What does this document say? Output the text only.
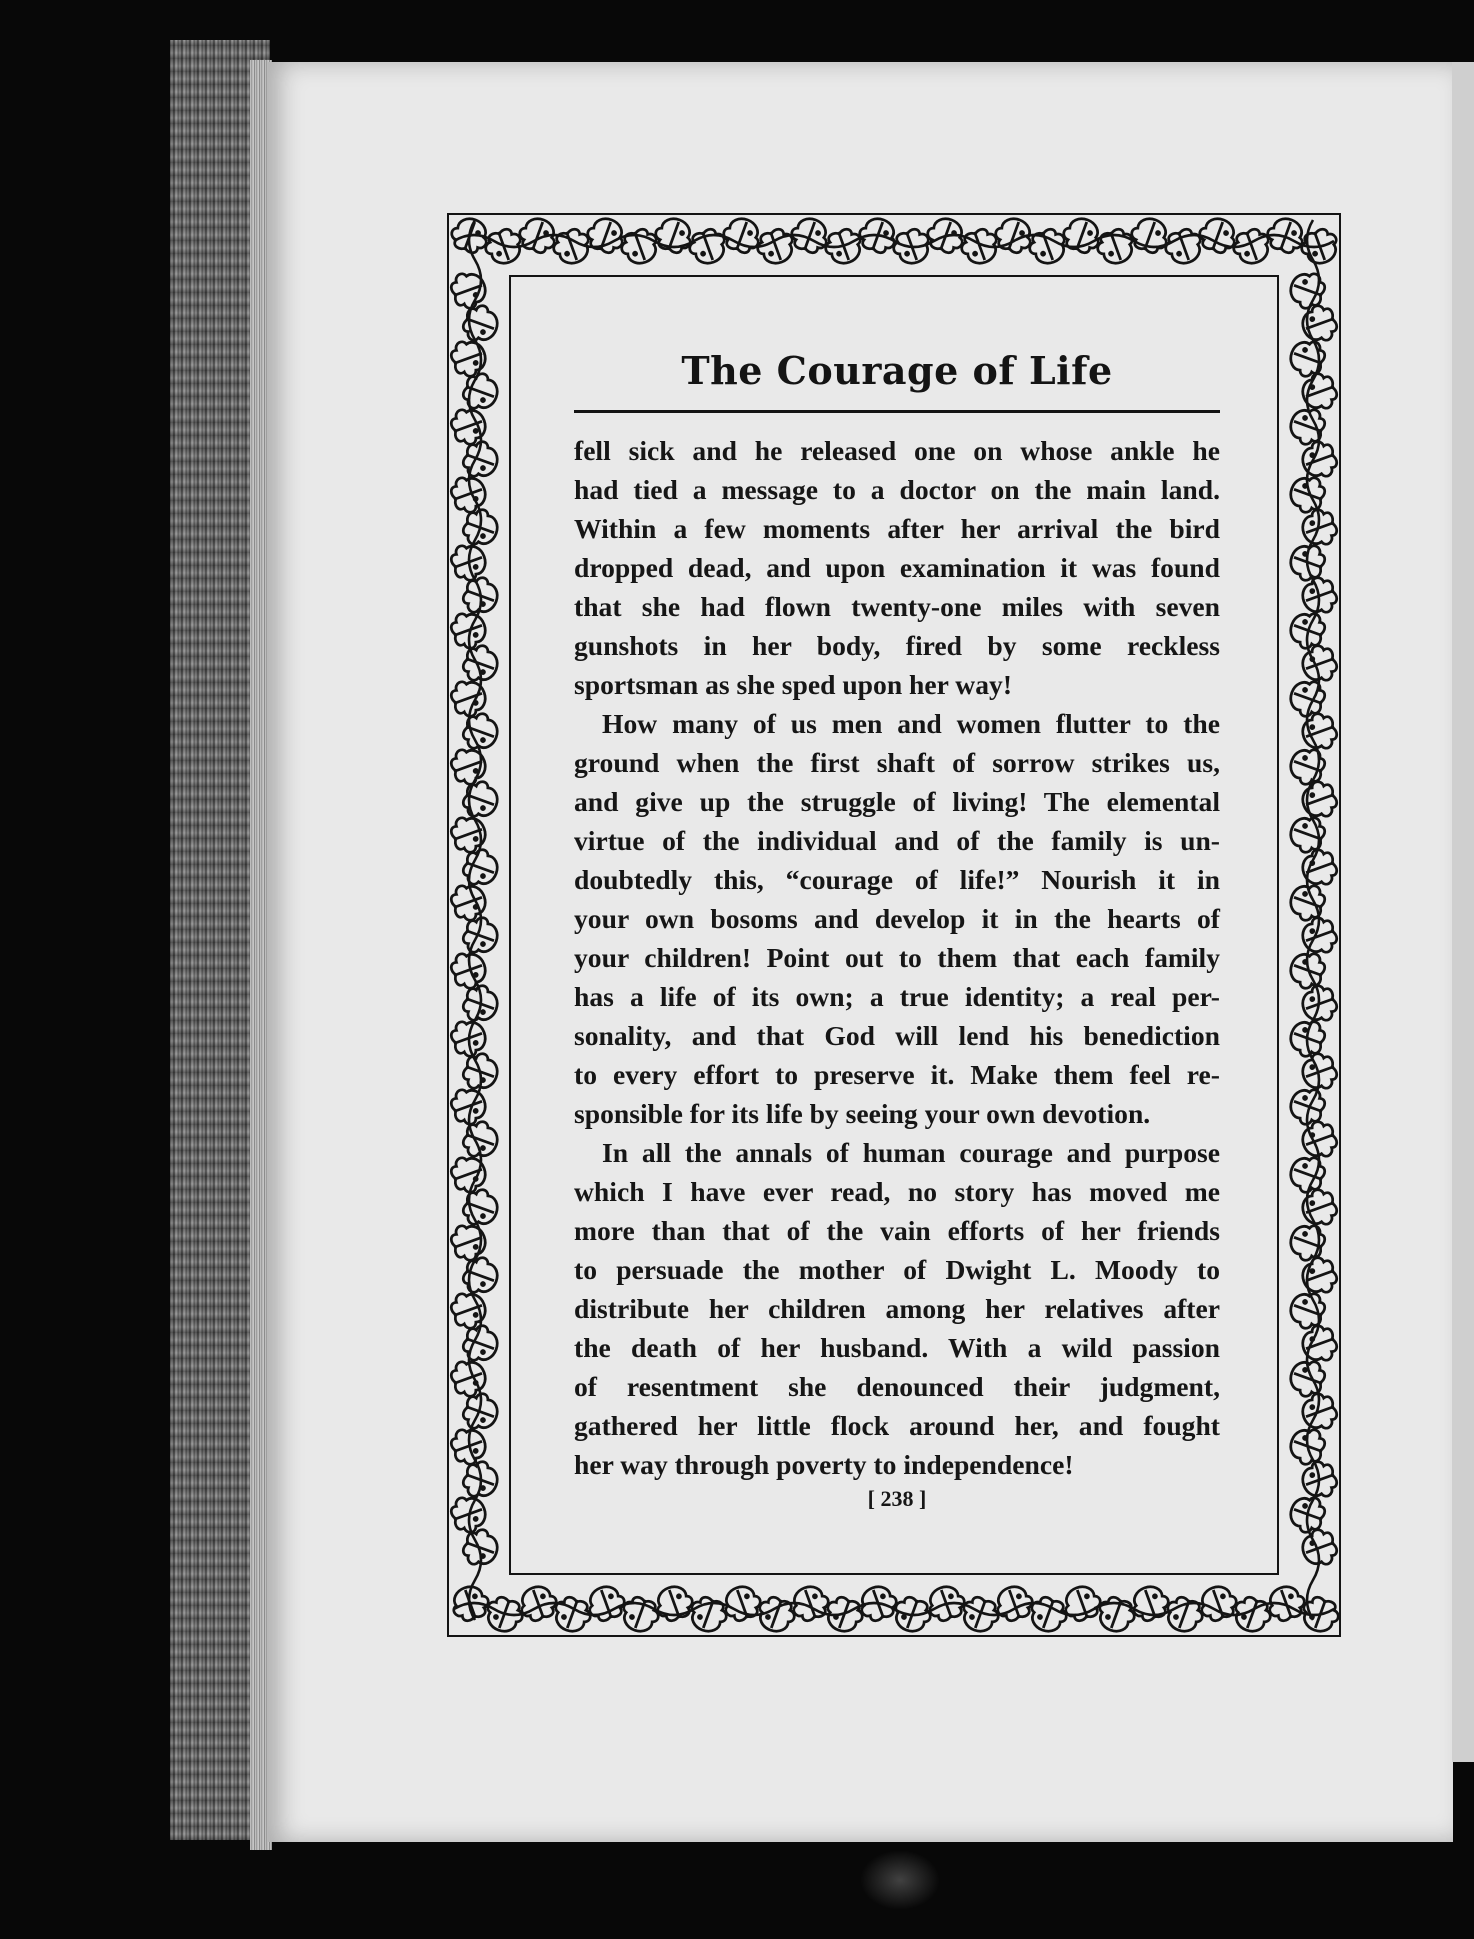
The Courage of Life

fell sick and he released one on whose ankle he
had tied a message to a doctor on the main land.
Within a few moments after her arrival the bird
dropped dead, and upon examination it was found
that she had flown twenty-one miles with seven
gunshots in her body, fired by some reckless
sportsman as she sped upon her way!

How many of us men and women flutter to the
ground when the first shaft of sorrow strikes us,
and give up the struggle of living! The elemental
virtue of the individual and of the family is un-
doubtedly this, “courage of life!” Nourish it in
your own bosoms and develop it in the hearts of
your children! Point out to them that each family
has a life of its own; a true identity; a real per-
sonality, and that God will lend his benediction
to every effort to preserve it. Make them feel re-
sponsible for its life by seeing your own devotion.

In all the annals of human courage and purpose
which I have ever read, no story has moved me
more than that of the vain efforts of her friends
to persuade the mother of Dwight L. Moody to
distribute her children among her relatives after
the death of her husband. With a wild passion
of resentment she denounced their judgment,
gathered her little flock around her, and fought
her way through poverty to independence!

[ 238 ]
